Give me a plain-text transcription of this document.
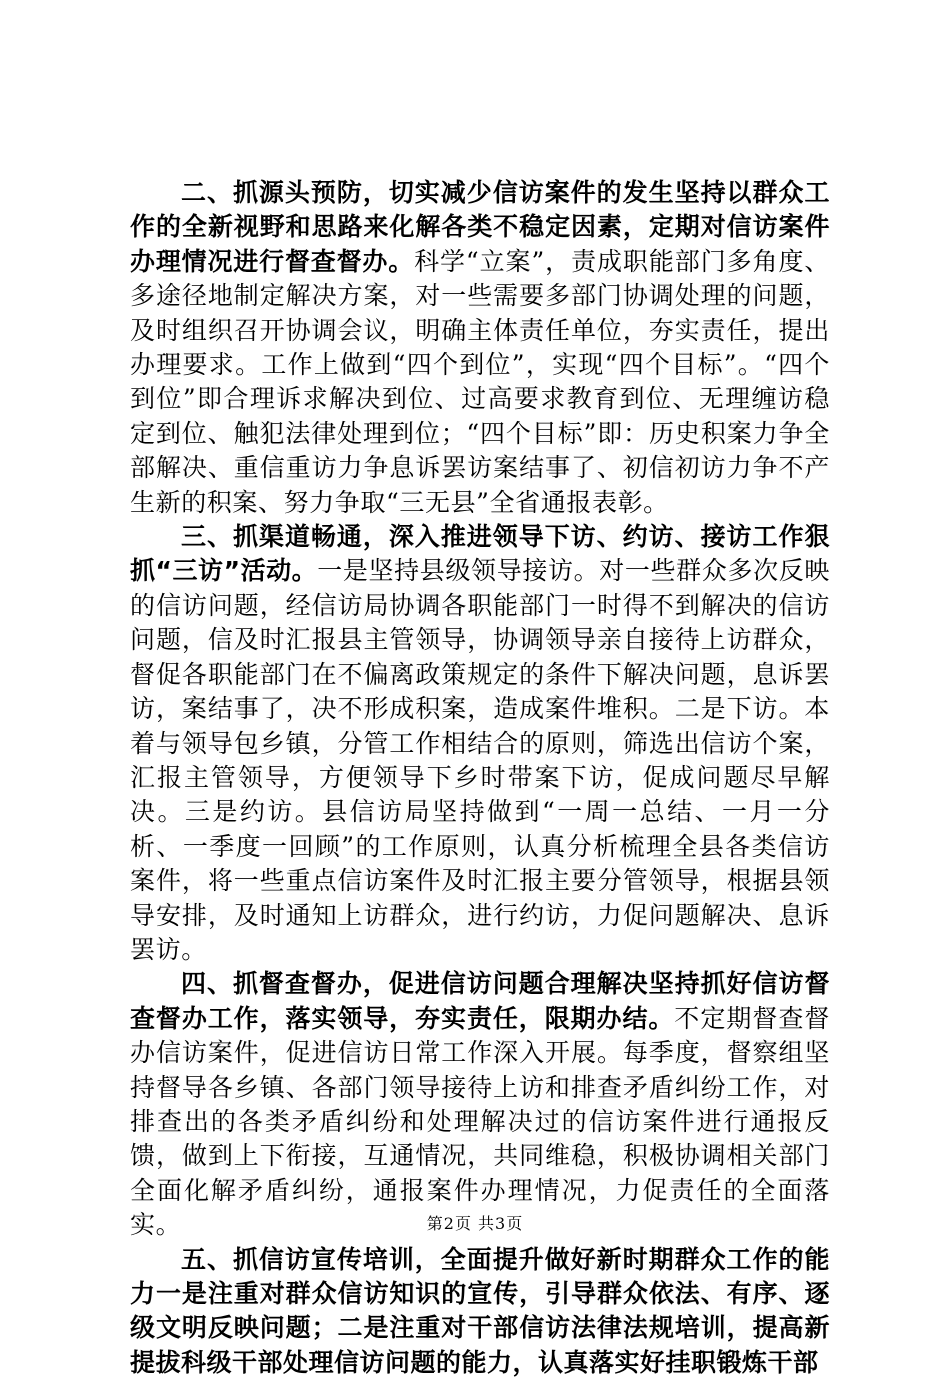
二、抓源头预防，切实减少信访案件的发生坚持以群众工作的全新视野和思路来化解各类不稳定因素，定期对信访案件办理情况进行督查督办。科学“立案”，责成职能部门多角度、多途径地制定解决方案，对一些需要多部门协调处理的问题，及时组织召开协调会议，明确主体责任单位，夯实责任，提出办理要求。工作上做到“四个到位”，实现“四个目标”。“四个到位”即合理诉求解决到位、过高要求教育到位、无理缠访稳定到位、触犯法律处理到位；“四个目标”即：历史积案力争全部解决、重信重访力争息诉罢访案结事了、初信初访力争不产生新的积案、努力争取“三无县”全省通报表彰。

三、抓渠道畅通，深入推进领导下访、约访、接访工作狠抓“三访”活动。一是坚持县级领导接访。对一些群众多次反映的信访问题，经信访局协调各职能部门一时得不到解决的信访问题，信及时汇报县主管领导，协调领导亲自接待上访群众，督促各职能部门在不偏离政策规定的条件下解决问题，息诉罢访，案结事了，决不形成积案，造成案件堆积。二是下访。本着与领导包乡镇，分管工作相结合的原则，筛选出信访个案，汇报主管领导，方便领导下乡时带案下访，促成问题尽早解决。三是约访。县信访局坚持做到“一周一总结、一月一分析、一季度一回顾”的工作原则，认真分析梳理全县各类信访案件，将一些重点信访案件及时汇报主要分管领导，根据县领导安排，及时通知上访群众，进行约访，力促问题解决、息诉罢访。

四、抓督查督办，促进信访问题合理解决坚持抓好信访督查督办工作，落实领导，夯实责任，限期办结。不定期督查督办信访案件，促进信访日常工作深入开展。每季度，督察组坚持督导各乡镇、各部门领导接待上访和排查矛盾纠纷工作，对排查出的各类矛盾纠纷和处理解决过的信访案件进行通报反馈，做到上下衔接，互通情况，共同维稳，积极协调相关部门全面化解矛盾纠纷，通报案件办理情况，力促责任的全面落实。

五、抓信访宣传培训，全面提升做好新时期群众工作的能力一是注重对群众信访知识的宣传，引导群众依法、有序、逐级文明反映问题；二是注重对干部信访法律法规培训，提高新提拔科级干部处理信访问题的能力，认真落实好挂职锻炼干部

第2页 共3页
